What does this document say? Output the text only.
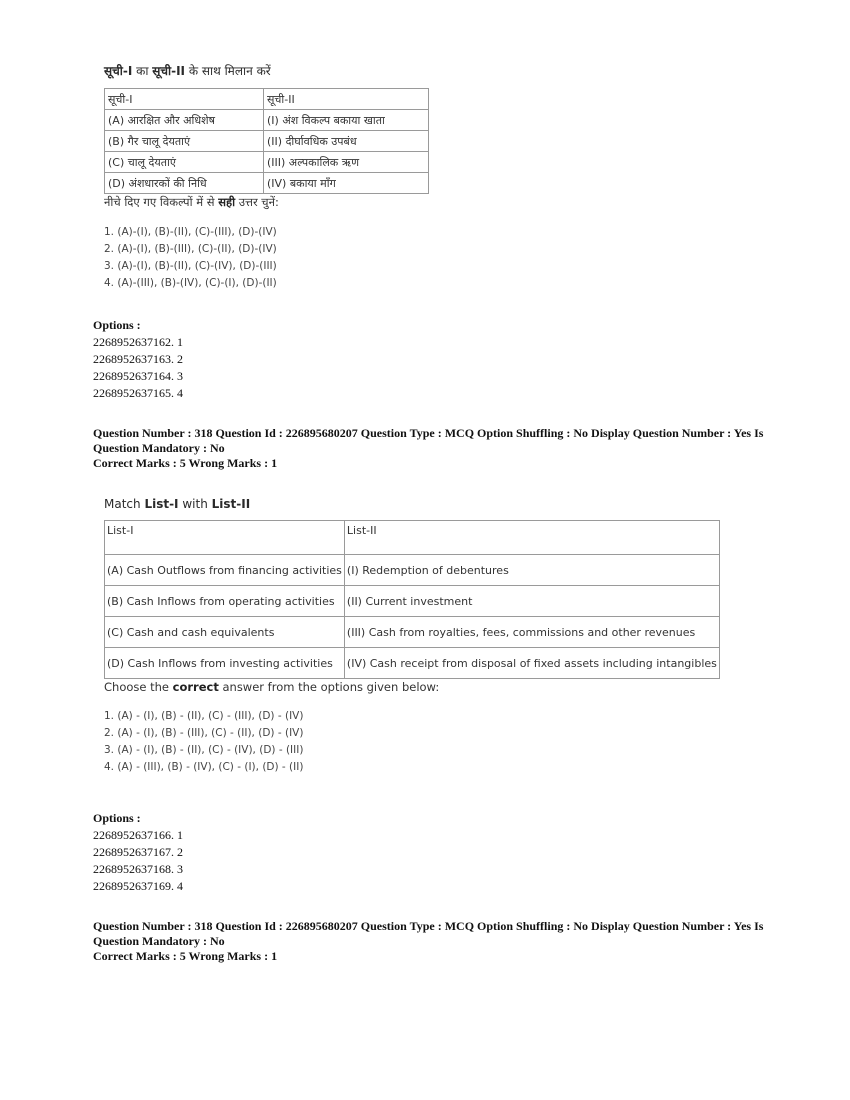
सूची-I का सूची-II के साथ मिलान करें
सूची-I	सूची-II
(A) आरक्षित और अधिशेष	(I) अंश विकल्प बकाया खाता
(B) गैर चालू देयताएं	(II) दीर्घावधिक उपबंध
(C) चालू देयताएं	(III) अल्पकालिक ऋण
(D) अंशधारकों की निधि	(IV) बकाया माँग
नीचे दिए गए विकल्पों में से सही उत्तर चुनें:
1. (A)-(I), (B)-(II), (C)-(III), (D)-(IV)
2. (A)-(I), (B)-(III), (C)-(II), (D)-(IV)
3. (A)-(I), (B)-(II), (C)-(IV), (D)-(III)
4. (A)-(III), (B)-(IV), (C)-(I), (D)-(II)
Options :
2268952637162. 1
2268952637163. 2
2268952637164. 3
2268952637165. 4
Question Number : 318 Question Id : 226895680207 Question Type : MCQ Option Shuffling : No Display Question Number : Yes Is
Question Mandatory : No
Correct Marks : 5 Wrong Marks : 1
Match List-I with List-II
List-I	List-II
(A) Cash Outflows from financing activities	(I) Redemption of debentures
(B) Cash Inflows from operating activities	(II) Current investment
(C) Cash and cash equivalents	(III) Cash from royalties, fees, commissions and other revenues
(D) Cash Inflows from investing activities	(IV) Cash receipt from disposal of fixed assets including intangibles
Choose the correct answer from the options given below:
1. (A) - (I), (B) - (II), (C) - (III), (D) - (IV)
2. (A) - (I), (B) - (III), (C) - (II), (D) - (IV)
3. (A) - (I), (B) - (II), (C) - (IV), (D) - (III)
4. (A) - (III), (B) - (IV), (C) - (I), (D) - (II)
Options :
2268952637166. 1
2268952637167. 2
2268952637168. 3
2268952637169. 4
Question Number : 318 Question Id : 226895680207 Question Type : MCQ Option Shuffling : No Display Question Number : Yes Is
Question Mandatory : No
Correct Marks : 5 Wrong Marks : 1
